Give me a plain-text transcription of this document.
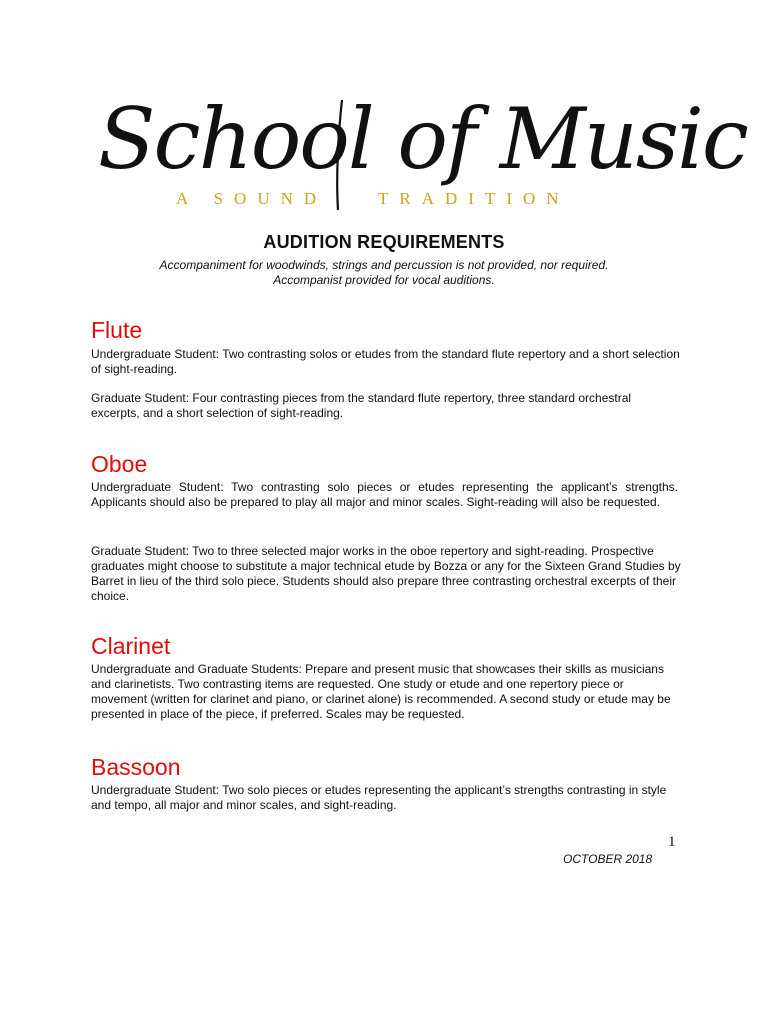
School of Music
A SOUND	TRADITION
AUDITION REQUIREMENTS
Accompaniment for woodwinds, strings and percussion is not provided, nor required.
Accompanist provided for vocal auditions.
Flute

Undergraduate Student: Two contrasting solos or etudes from the standard flute repertory and a short selection of sight-reading.

Graduate Student: Four contrasting pieces from the standard flute repertory, three standard orchestral excerpts, and a short selection of sight-reading.

Oboe

Undergraduate Student: Two contrasting solo pieces or etudes representing the applicant’s strengths. Applicants should also be prepared to play all major and minor scales. Sight-reading will also be requested.

Graduate Student: Two to three selected major works in the oboe repertory and sight-reading. Prospective graduates might choose to substitute a major technical etude by Bozza or any for the Sixteen Grand Studies by Barret in lieu of the third solo piece. Students should also prepare three contrasting orchestral excerpts of their choice.

Clarinet

Undergraduate and Graduate Students: Prepare and present music that showcases their skills as musicians and clarinetists. Two contrasting items are requested. One study or etude and one repertory piece or movement (written for clarinet and piano, or clarinet alone) is recommended. A second study or etude may be presented in place of the piece, if preferred. Scales may be requested.

Bassoon

Undergraduate Student: Two solo pieces or etudes representing the applicant’s strengths contrasting in style and tempo, all major and minor scales, and sight-reading.

1
OCTOBER 2018
